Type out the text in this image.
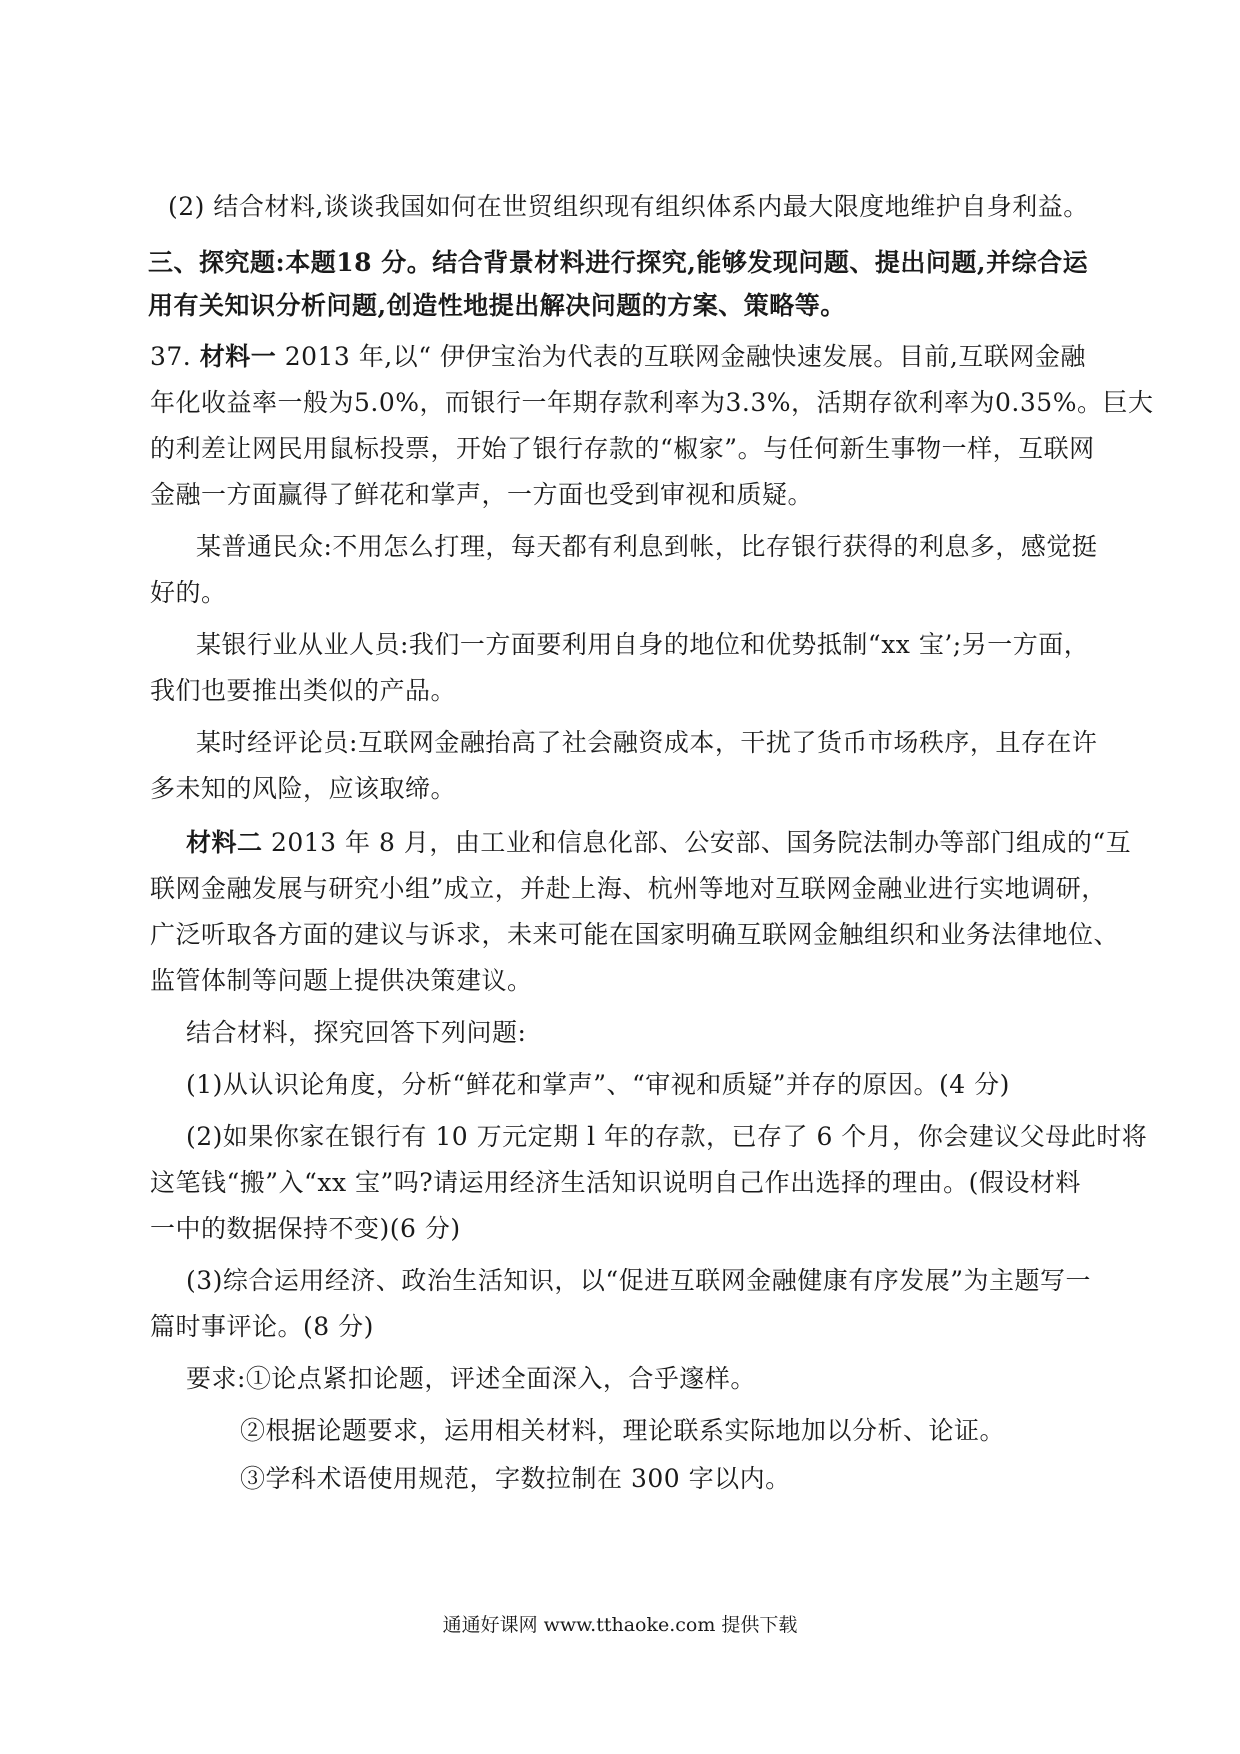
(2) 结合材料,谈谈我国如何在世贸组织现有组织体系内最大限度地维护自身利益。
三、探究题:本题18 分。结合背景材料进行探究,能够发现问题、提出问题,并综合运
用有关知识分析问题,创造性地提出解决问题的方案、策略等。
37. 材料一 2013 年,以“ 伊伊宝治为代表的互联网金融快速发展。目前,互联网金融
年化收益率一般为5.0%，而银行一年期存款利率为3.3%，活期存欲利率为0.35%。巨大
的利差让网民用鼠标投票，开始了银行存款的“椒家”。与任何新生事物一样，互联网
金融一方面赢得了鲜花和掌声，一方面也受到审视和质疑。
某普通民众:不用怎么打理，每天都有利息到帐，比存银行获得的利息多，感觉挺
好的。
某银行业从业人员:我们一方面要利用自身的地位和优势抵制“xx 宝’;另一方面，
我们也要推出类似的产品。
某时经评论员:互联网金融抬高了社会融资成本，干扰了货币市场秩序，且存在许
多未知的风险，应该取缔。
材料二 2013 年 8 月，由工业和信息化部、公安部、国务院法制办等部门组成的“互
联网金融发展与研究小组”成立，并赴上海、杭州等地对互联网金融业进行实地调研，
广泛听取各方面的建议与诉求，未来可能在国家明确互联网金触组织和业务法律地位、
监管体制等问题上提供决策建议。
结合材料，探究回答下列问题:
(1)从认识论角度，分析“鲜花和掌声”、“审视和质疑”并存的原因。(4 分)
(2)如果你家在银行有 10 万元定期 l 年的存款，已存了 6 个月，你会建议父母此时将
这笔钱“搬”入“xx 宝”吗?请运用经济生活知识说明自己作出选择的理由。(假设材料
一中的数据保持不变)(6 分)
(3)综合运用经济、政治生活知识，以“促进互联网金融健康有序发展”为主题写一
篇时事评论。(8 分)
要求:①论点紧扣论题，评述全面深入，合乎邃样。
②根据论题要求，运用相关材料，理论联系实际地加以分析、论证。
③学科术语使用规范，字数拉制在 300 字以内。
通通好课网 www.tthaoke.com 提供下载
